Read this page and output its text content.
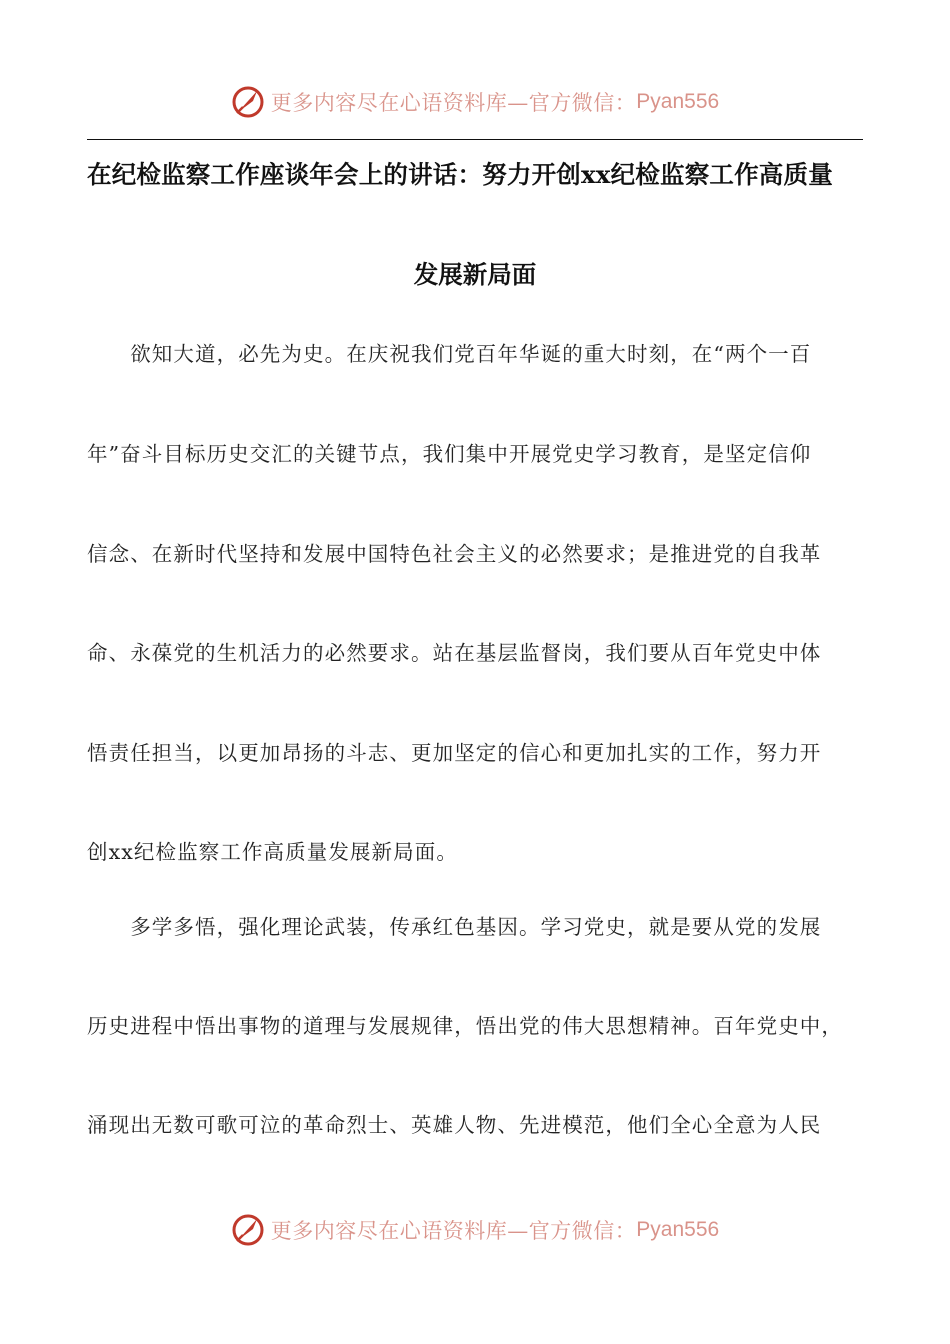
更多内容尽在心语资料库—官方微信： Pyan556
在纪检监察工作座谈年会上的讲话：努力开创xx纪检监察工作高质量
发展新局面
　　欲知大道，必先为史。在庆祝我们党百年华诞的重大时刻，在“两个一百
年”奋斗目标历史交汇的关键节点，我们集中开展党史学习教育，是坚定信仰
信念、在新时代坚持和发展中国特色社会主义的必然要求；是推进党的自我革
命、永葆党的生机活力的必然要求。站在基层监督岗，我们要从百年党史中体
悟责任担当，以更加昂扬的斗志、更加坚定的信心和更加扎实的工作，努力开
创xx纪检监察工作高质量发展新局面。
　　多学多悟，强化理论武装，传承红色基因。学习党史，就是要从党的发展
历史进程中悟出事物的道理与发展规律，悟出党的伟大思想精神。百年党史中，
涌现出无数可歌可泣的革命烈士、英雄人物、先进模范，他们全心全意为人民
更多内容尽在心语资料库—官方微信： Pyan556
